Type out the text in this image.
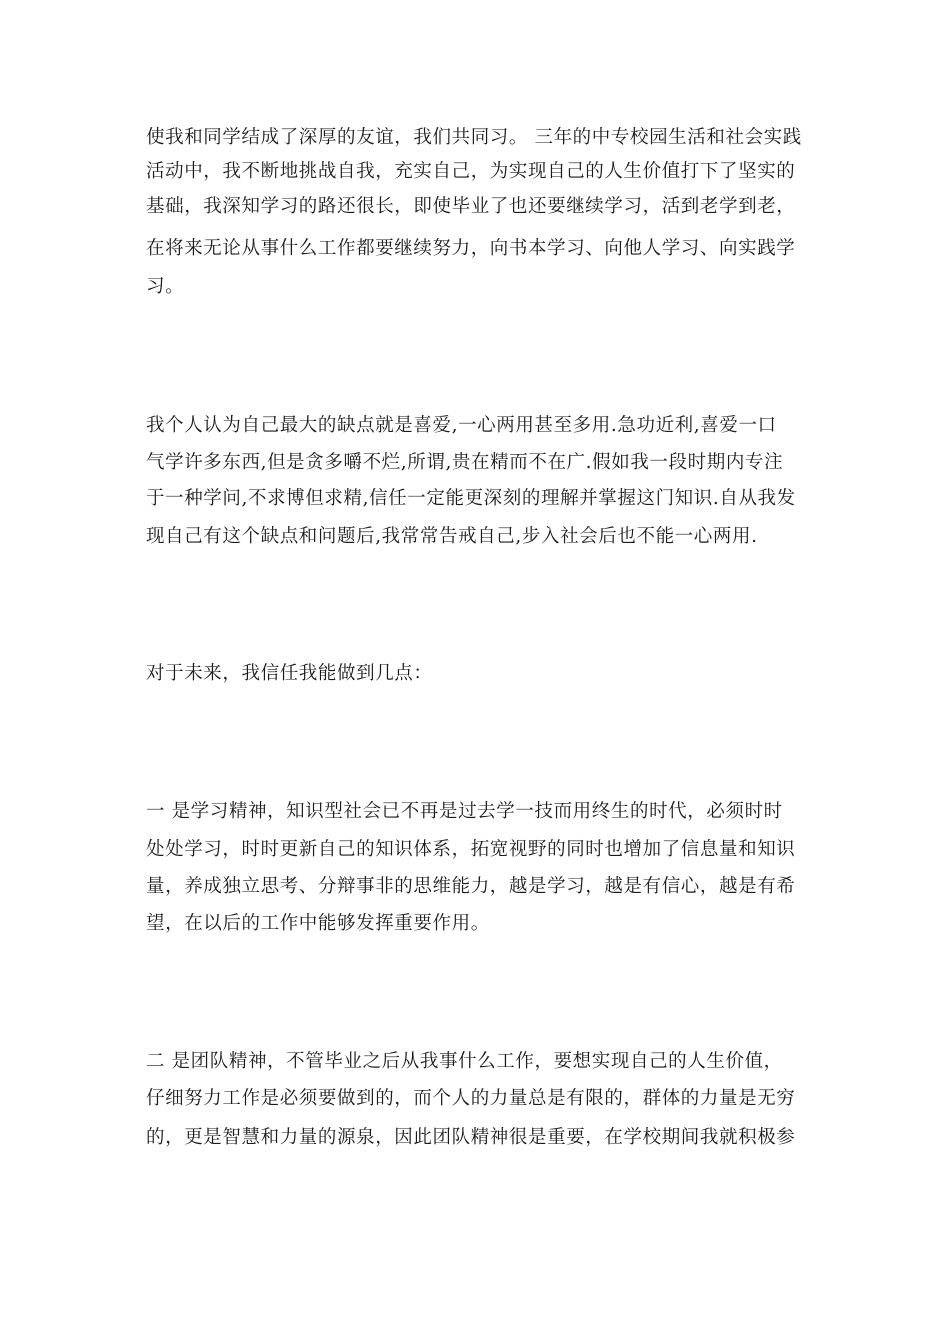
使我和同学结成了深厚的友谊，我们共同习。 三年的中专校园生活和社会实践
活动中，我不断地挑战自我，充实自己，为实现自己的人生价值打下了坚实的
基础，我深知学习的路还很长，即使毕业了也还要继续学习，活到老学到老，
在将来无论从事什么工作都要继续努力，向书本学习、向他人学习、向实践学
习。
我个人认为自己最大的缺点就是喜爱,一心两用甚至多用.急功近利,喜爱一口
气学许多东西,但是贪多嚼不烂,所谓,贵在精而不在广.假如我一段时期内专注
于一种学问,不求博但求精,信任一定能更深刻的理解并掌握这门知识.自从我发
现自己有这个缺点和问题后,我常常告戒自己,步入社会后也不能一心两用.
对于未来，我信任我能做到几点：
一 是学习精神，知识型社会已不再是过去学一技而用终生的时代，必须时时
处处学习，时时更新自己的知识体系，拓宽视野的同时也增加了信息量和知识
量，养成独立思考、分辩事非的思维能力，越是学习，越是有信心，越是有希
望，在以后的工作中能够发挥重要作用。
二 是团队精神，不管毕业之后从我事什么工作，要想实现自己的人生价值，
仔细努力工作是必须要做到的，而个人的力量总是有限的，群体的力量是无穷
的，更是智慧和力量的源泉，因此团队精神很是重要，在学校期间我就积极参
